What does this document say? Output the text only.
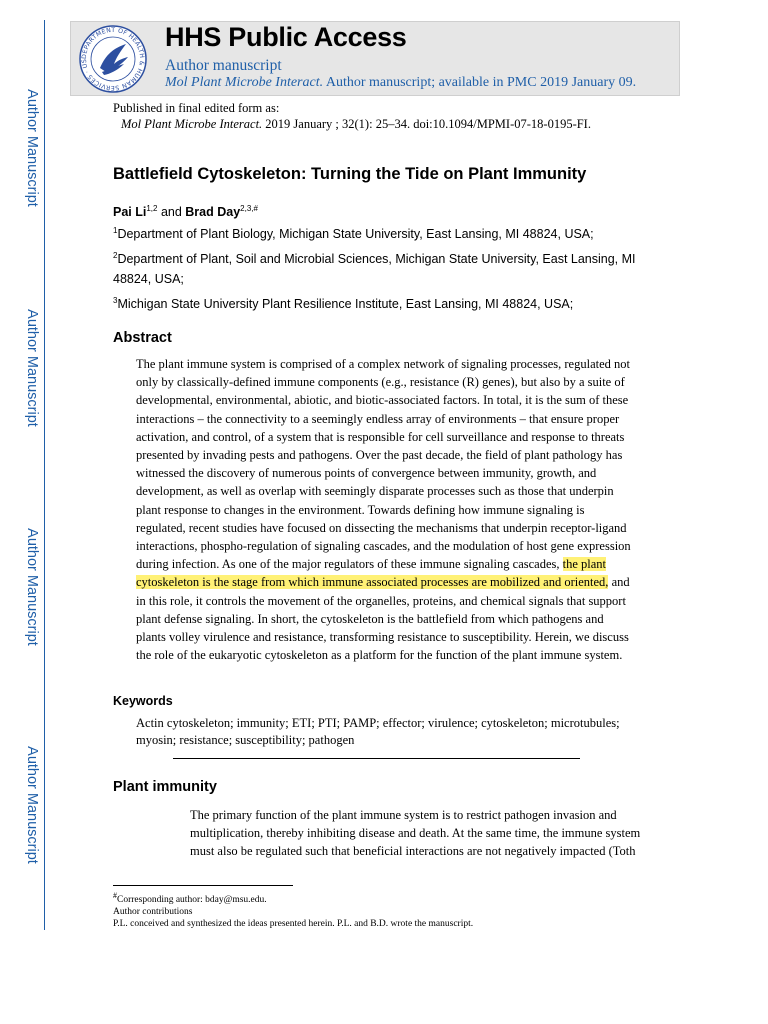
Author Manuscript
Author Manuscript
Author Manuscript
Author Manuscript
DEPARTMENT OF HEALTH & HUMAN SERVICES · US
HHS Public Access
Author manuscript
Mol Plant Microbe Interact. Author manuscript; available in PMC 2019 January 09.
Published in final edited form as:
Mol Plant Microbe Interact. 2019 January ; 32(1): 25–34. doi:10.1094/MPMI-07-18-0195-FI.
Battlefield Cytoskeleton: Turning the Tide on Plant Immunity
Pai Li$^{1,2}$ and Brad Day$^{2,3,\#}$
$^1$Department of Plant Biology, Michigan State University, East Lansing, MI 48824, USA;
$^2$Department of Plant, Soil and Microbial Sciences, Michigan State University, East Lansing, MI 48824, USA;
$^3$Michigan State University Plant Resilience Institute, East Lansing, MI 48824, USA;
Abstract
The plant immune system is comprised of a complex network of signaling processes, regulated not only by classically-defined immune components (e.g., resistance (R) genes), but also by a suite of developmental, environmental, abiotic, and biotic-associated factors. In total, it is the sum of these interactions – the connectivity to a seemingly endless array of environments – that ensure proper activation, and control, of a system that is responsible for cell surveillance and response to threats presented by invading pests and pathogens. Over the past decade, the field of plant pathology has witnessed the discovery of numerous points of convergence between immunity, growth, and development, as well as overlap with seemingly disparate processes such as those that underpin plant response to changes in the environment. Towards defining how immune signaling is regulated, recent studies have focused on dissecting the mechanisms that underpin receptor-ligand interactions, phospho-regulation of signaling cascades, and the modulation of host gene expression during infection. As one of the major regulators of these immune signaling cascades, the plant cytoskeleton is the stage from which immune associated processes are mobilized and oriented, and in this role, it controls the movement of the organelles, proteins, and chemical signals that support plant defense signaling. In short, the cytoskeleton is the battlefield from which pathogens and plants volley virulence and resistance, transforming resistance to susceptibility. Herein, we discuss the role of the eukaryotic cytoskeleton as a platform for the function of the plant immune system.
Keywords
Actin cytoskeleton; immunity; ETI; PTI; PAMP; effector; virulence; cytoskeleton; microtubules; myosin; resistance; susceptibility; pathogen
Plant immunity
The primary function of the plant immune system is to restrict pathogen invasion and multiplication, thereby inhibiting disease and death. At the same time, the immune system must also be regulated such that beneficial interactions are not negatively impacted (Toth
#Corresponding author: bday@msu.edu.
Author contributions
P.L. conceived and synthesized the ideas presented herein. P.L. and B.D. wrote the manuscript.
